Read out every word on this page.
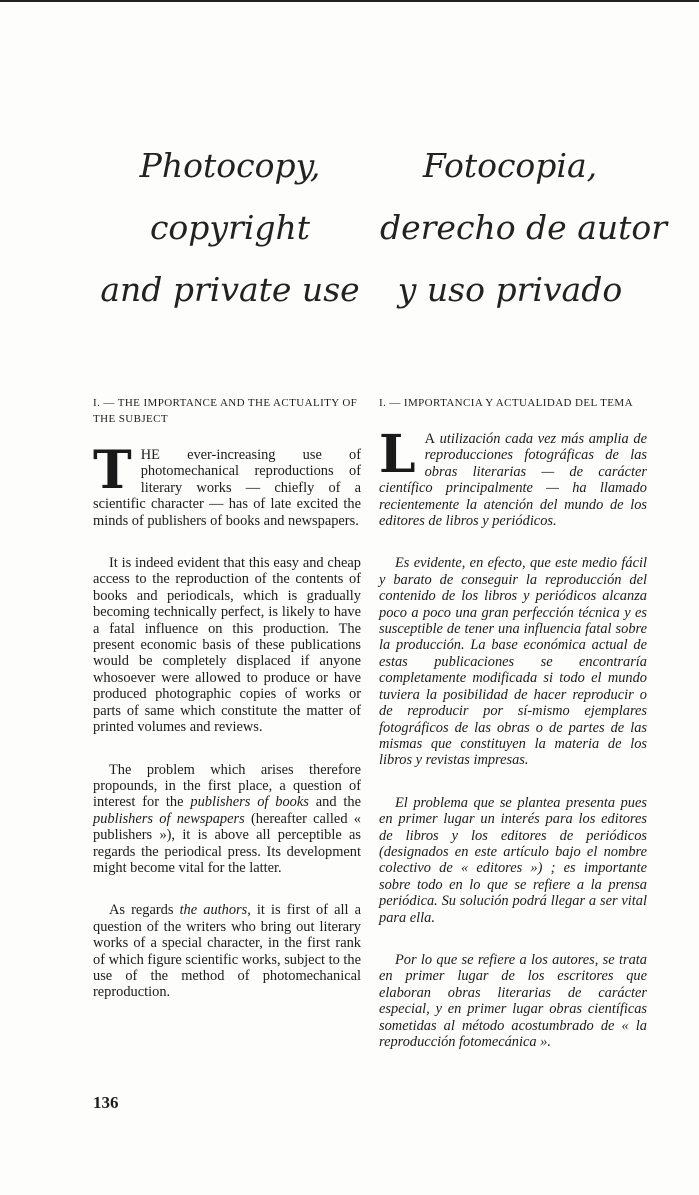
Photocopy,
copyright
and private use
Fotocopia,
derecho de autor
y uso privado
I. — THE IMPORTANCE AND THE ACTUALITY OF THE SUBJECT
THE ever-increasing use of photomechanical reproductions of literary works — chiefly of a scientific character — has of late excited the minds of publishers of books and newspapers.

It is indeed evident that this easy and cheap access to the reproduction of the contents of books and periodicals, which is gradually becoming technically perfect, is likely to have a fatal influence on this production. The present economic basis of these publications would be completely displaced if anyone whosoever were allowed to produce or have produced photographic copies of works or parts of same which constitute the matter of printed volumes and reviews.

The problem which arises therefore propounds, in the first place, a question of interest for the publishers of books and the publishers of newspapers (hereafter called « publishers »), it is above all perceptible as regards the periodical press. Its development might become vital for the latter.

As regards the authors, it is first of all a question of the writers who bring out literary works of a special character, in the first rank of which figure scientific works, subject to the use of the method of photomechanical reproduction.

I. — IMPORTANCIA Y ACTUALIDAD DEL TEMA
L A utilización cada vez más amplia de reproducciones fotográficas de las obras literarias — de carácter científico principalmente — ha llamado recientemente la atención del mundo de los editores de libros y periódicos.

Es evidente, en efecto, que este medio fácil y barato de conseguir la reproducción del contenido de los libros y periódicos alcanza poco a poco una gran perfección técnica y es susceptible de tener una influencia fatal sobre la producción. La base económica actual de estas publicaciones se encontraría completamente modificada si todo el mundo tuviera la posibilidad de hacer reproducir o de reproducir por sí-mismo ejemplares fotográficos de las obras o de partes de las mismas que constituyen la materia de los libros y revistas impresas.

El problema que se plantea presenta pues en primer lugar un interés para los editores de libros y los editores de periódicos (designados en este artículo bajo el nombre colectivo de « editores ») ; es importante sobre todo en lo que se refiere a la prensa periódica. Su solución podrá llegar a ser vital para ella.

Por lo que se refiere a los autores, se trata en primer lugar de los escritores que elaboran obras literarias de carácter especial, y en primer lugar obras científicas sometidas al método acostumbrado de « la reproducción fotomecánica ».

136
